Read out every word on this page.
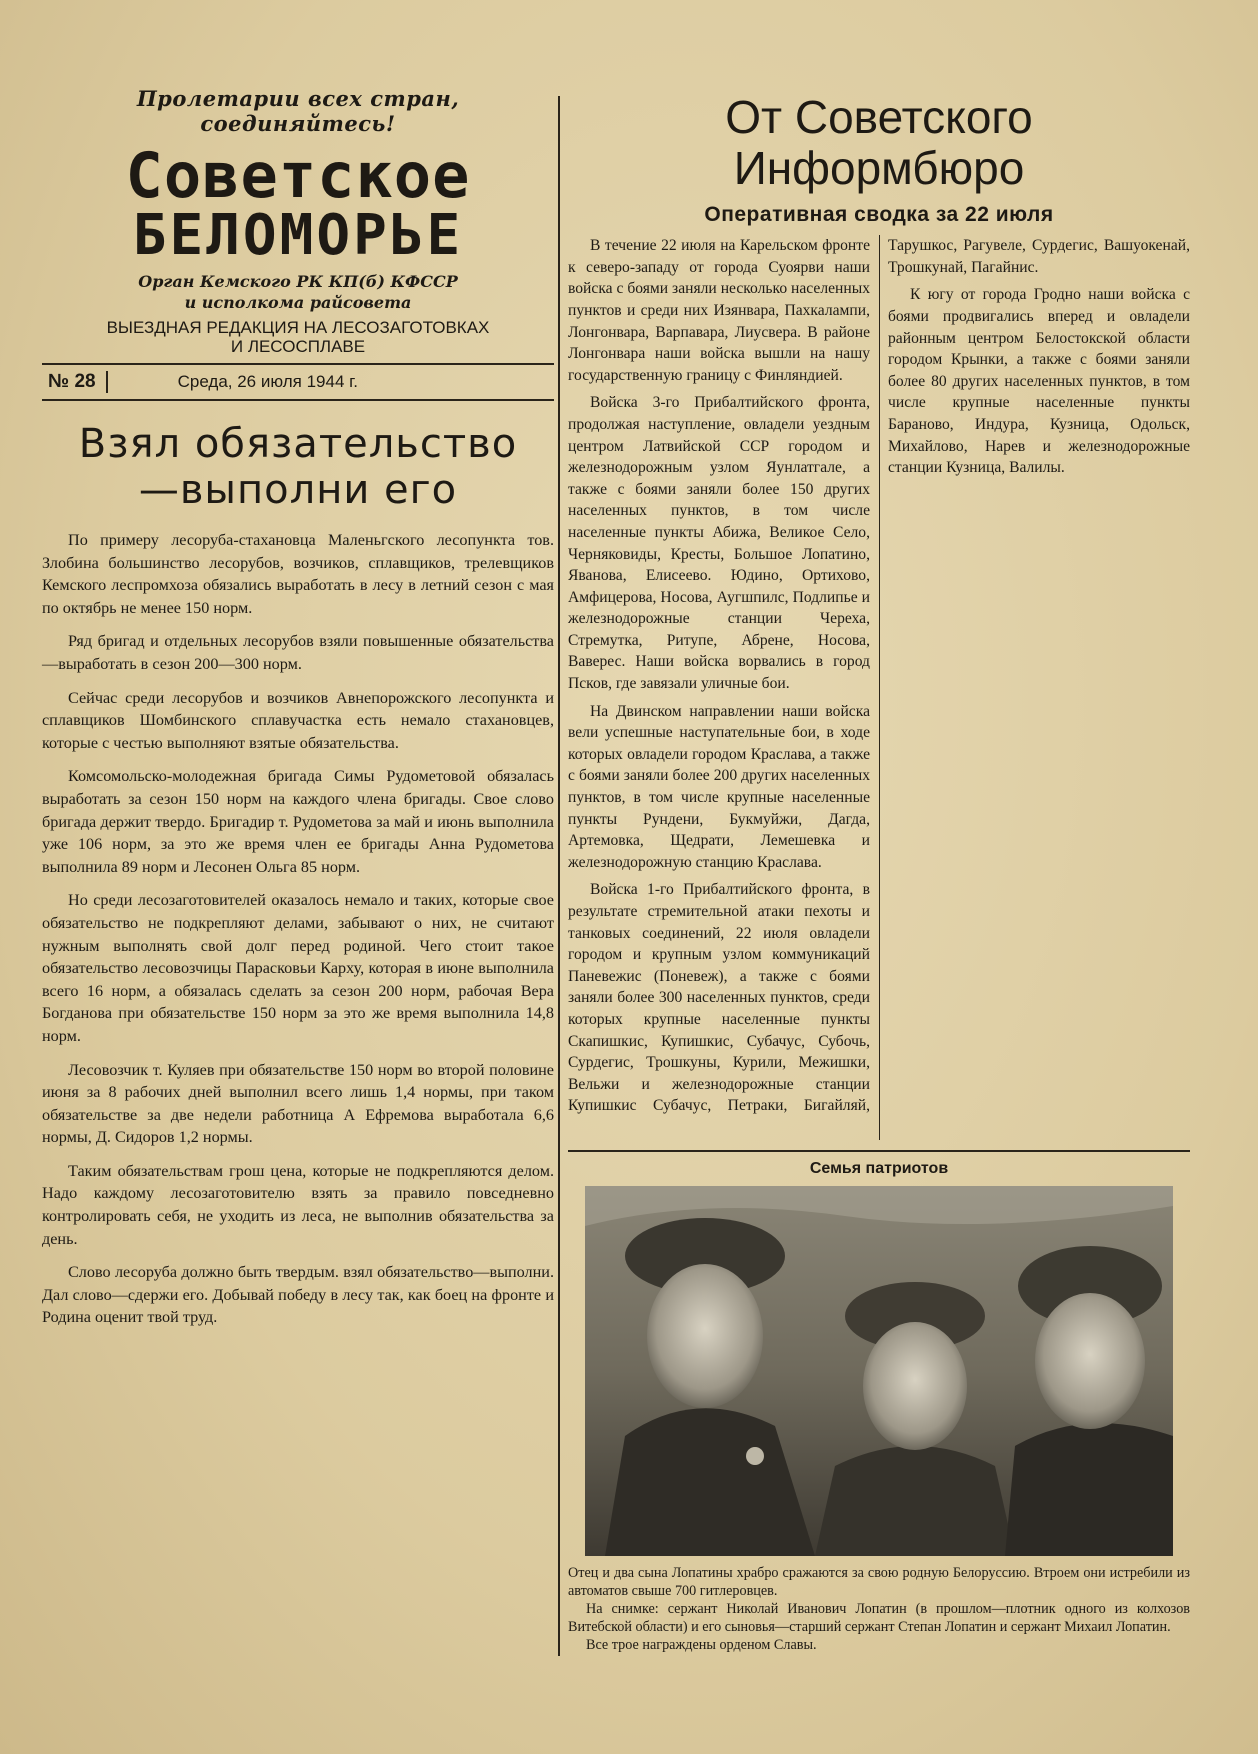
Пролетарии всех стран, соединяйтесь!

Советское
БЕЛОМОРЬЕ
Орган Кемского РК КП(б) КФССР
и исполкома райсовета
ВЫЕЗДНАЯ РЕДАКЦИЯ НА ЛЕСОЗАГОТОВКАХ
И ЛЕСОСПЛАВЕ
№ 28	Среда, 26 июля 1944 г.
Взял обязательство
—выполни его

По примеру лесоруба-стахановца Маленьгского лесопункта тов. Злобина большинство лесорубов, возчиков, сплавщиков, трелевщиков Кемского леспромхоза обязались выработать в лесу в летний сезон с мая по октябрь не менее 150 норм.

Ряд бригад и отдельных лесорубов взяли повышенные обязательства—выработать в сезон 200—300 норм.

Сейчас среди лесорубов и возчиков Авнепорожского лесопункта и сплавщиков Шомбинского сплавучастка есть немало стахановцев, которые с честью выполняют взятые обязательства.

Комсомольско-молодежная бригада Симы Рудометовой обязалась выработать за сезон 150 норм на каждого члена бригады. Свое слово бригада держит твердо. Бригадир т. Рудометова за май и июнь выполнила уже 106 норм, за это же время член ее бригады Анна Рудометова выполнила 89 норм и Лесонен Ольга 85 норм.

Но среди лесозаготовителей оказалось немало и таких, которые свое обязательство не подкрепляют делами, забывают о них, не считают нужным выполнять свой долг перед родиной. Чего стоит такое обязательство лесовозчицы Парасковьи Карху, которая в июне выполнила всего 16 норм, а обязалась сделать за сезон 200 норм, рабочая Вера Богданова при обязательстве 150 норм за это же время выполнила 14,8 норм.

Лесовозчик т. Куляев при обязательстве 150 норм во второй половине июня за 8 рабочих дней выполнил всего лишь 1,4 нормы, при таком обязательстве за две недели работница А Ефремова выработала 6,6 нормы, Д. Сидоров 1,2 нормы.

Таким обязательствам грош цена, которые не подкрепляются делом. Надо каждому лесозаготовителю взять за правило повседневно контролировать себя, не уходить из леса, не выполнив обязательства за день.

Слово лесоруба должно быть твердым. взял обязательство—выполни. Дал слово—сдержи его. Добывай победу в лесу так, как боец на фронте и Родина оценит твой труд.

От Советского
Информбюро
Оперативная сводка за 22 июля

В течение 22 июля на Карельском фронте к северо-западу от города Суоярви наши войска с боями заняли несколько населенных пунктов и среди них Изянвара, Пахкалампи, Лонгонвара, Варпавара, Лиусвера. В районе Лонгонвара наши войска вышли на нашу государственную границу с Финляндией.

Войска 3-го Прибалтийского фронта, продолжая наступление, овладели уездным центром Латвийской ССР городом и железнодорожным узлом Яунлатгале, а также с боями заняли более 150 других населенных пунктов, в том числе населенные пункты Абижа, Великое Село, Черняковиды, Кресты, Большое Лопатино, Яванова, Елисеево. Юдино, Ортихово, Амфицерова, Носова, Аугшпилс, Подлипье и железнодорожные станции Череха, Стремутка, Ритупе, Абрене, Носова, Ваверес. Наши войска ворвались в город Псков, где завязали уличные бои.

На Двинском направлении наши войска вели успешные наступательные бои, в ходе которых овладели городом Краслава, а также с боями заняли более 200 других населенных пунктов, в том числе крупные населенные пункты Рундени, Букмуйжи, Дагда, Артемовка, Щедрати, Лемешевка и железнодорожную станцию Краслава.

Войска 1-го Прибалтийского фронта, в результате стремительной атаки пехоты и танковых соединений, 22 июля овладели городом и крупным узлом коммуникаций Паневежис (Поневеж), а также с боями заняли более 300 населенных пунктов, среди которых крупные населенные пункты Скапишкис, Купишкис, Субачус, Субочь, Сурдегис, Трошкуны, Курили, Межишки, Вельжи и железнодорожные станции Купишкис Субачус, Петраки, Бигайляй, Тарушкос, Рагувеле, Сурдегис, Вашуокенай, Трошкунай, Пагайнис.

К югу от города Гродно наши войска с боями продвигались вперед и овладели районным центром Белостокской области городом Крынки, а также с боями заняли более 80 других населенных пунктов, в том числе крупные населенные пункты Бараново, Индура, Кузница, Одольск, Михайлово, Нарев и железнодорожные станции Кузница, Валилы.

Семья патриотов

Отец и два сына Лопатины храбро сражаются за свою родную Белоруссию. Втроем они истребили из автоматов свыше 700 гитлеровцев.

На снимке: сержант Николай Иванович Лопатин (в прошлом—плотник одного из колхозов Витебской области) и его сыновья—старший сержант Степан Лопатин и сержант Михаил Лопатин.

Все трое награждены орденом Славы.
